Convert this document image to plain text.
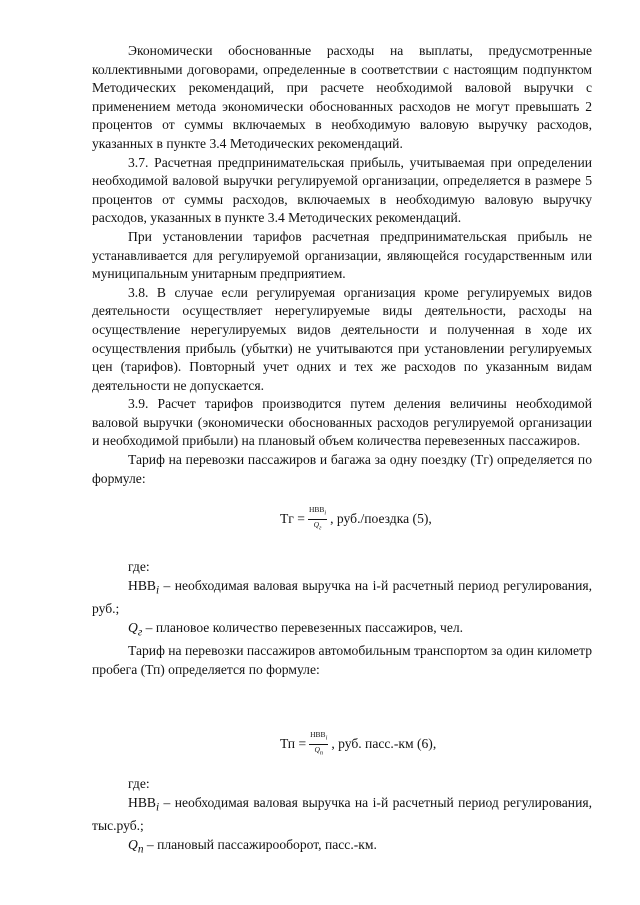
Экономически обоснованные расходы на выплаты, предусмотренные коллективными договорами, определенные в соответствии с настоящим подпунктом Методических рекомендаций, при расчете необходимой валовой выручки с применением метода экономически обоснованных расходов не могут превышать 2 процентов от суммы включаемых в необходимую валовую выручку расходов, указанных в пункте 3.4 Методических рекомендаций.

3.7. Расчетная предпринимательская прибыль, учитываемая при определении необходимой валовой выручки регулируемой организации, определяется в размере 5 процентов от суммы расходов, включаемых в необходимую валовую выручку расходов, указанных в пункте 3.4 Методических рекомендаций.

При установлении тарифов расчетная предпринимательская прибыль не устанавливается для регулируемой организации, являющейся государственным или муниципальным унитарным предприятием.

3.8. В случае если регулируемая организация кроме регулируемых видов деятельности осуществляет нерегулируемые виды деятельности, расходы на осуществление нерегулируемых видов деятельности и полученная в ходе их осуществления прибыль (убытки) не учитываются при установлении регулируемых цен (тарифов). Повторный учет одних и тех же расходов по указанным видам деятельности не допускается.

3.9. Расчет тарифов производится путем деления величины необходимой валовой выручки (экономически обоснованных расходов регулируемой организации и необходимой прибыли) на плановый объем количества перевезенных пассажиров.

Тариф на перевозки пассажиров и багажа за одну поездку (Тг) определяется по формуле:

Тг = $\frac{НВВ_i}{Q_г}$ , руб./поездка (5),

где:

$НВВ_i$ – необходимая валовая выручка на i-й расчетный период регулирования, руб.;

$Q_г$ – плановое количество перевезенных пассажиров, чел.

Тариф на перевозки пассажиров автомобильным транспортом за один километр пробега (Тп) определяется по формуле:

Тп = $\frac{НВВ_i}{Q_п}$ , руб. пасс.-км (6),

где:

$НВВ_i$ – необходимая валовая выручка на i-й расчетный период регулирования, тыс.руб.;

$Q_п$ – плановый пассажирооборот, пасс.-км.
